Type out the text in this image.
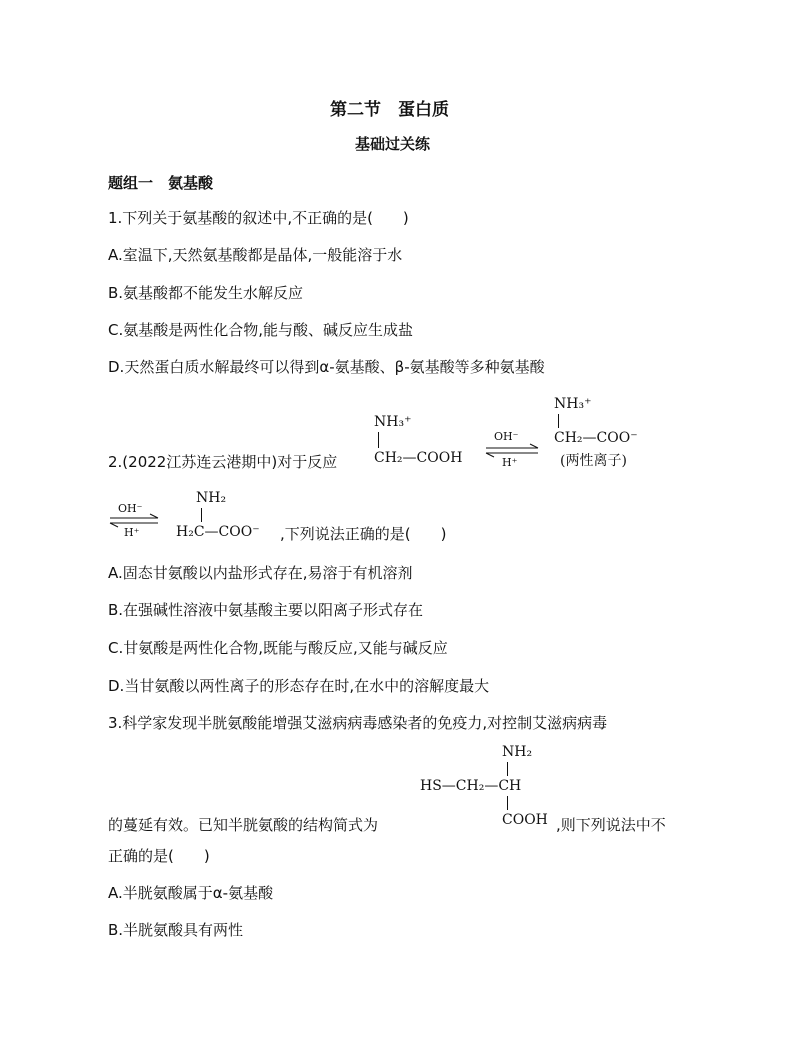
第二节　蛋白质
基础过关练
题组一　氨基酸
1.下列关于氨基酸的叙述中,不正确的是(　　)
A.室温下,天然氨基酸都是晶体,一般能溶于水
B.氨基酸都不能发生水解反应
C.氨基酸是两性化合物,能与酸、碱反应生成盐
D.天然蛋白质水解最终可以得到α-氨基酸、β-氨基酸等多种氨基酸
2.(2022江苏连云港期中)对于反应
NH₃⁺
CH₂—COOH
OH⁻
H⁺
NH₃⁺
CH₂—COO⁻
(两性离子)
OH⁻
H⁺
NH₂
H₂C—COO⁻ ,下列说法正确的是(　　)
A.固态甘氨酸以内盐形式存在,易溶于有机溶剂
B.在强碱性溶液中氨基酸主要以阳离子形式存在
C.甘氨酸是两性化合物,既能与酸反应,又能与碱反应
D.当甘氨酸以两性离子的形态存在时,在水中的溶解度最大
3.科学家发现半胱氨酸能增强艾滋病病毒感染者的免疫力,对控制艾滋病病毒
NH₂
HS—CH₂—CH
COOH
的蔓延有效。已知半胱氨酸的结构简式为	,则下列说法中不
正确的是(　　)
A.半胱氨酸属于α-氨基酸
B.半胱氨酸具有两性
